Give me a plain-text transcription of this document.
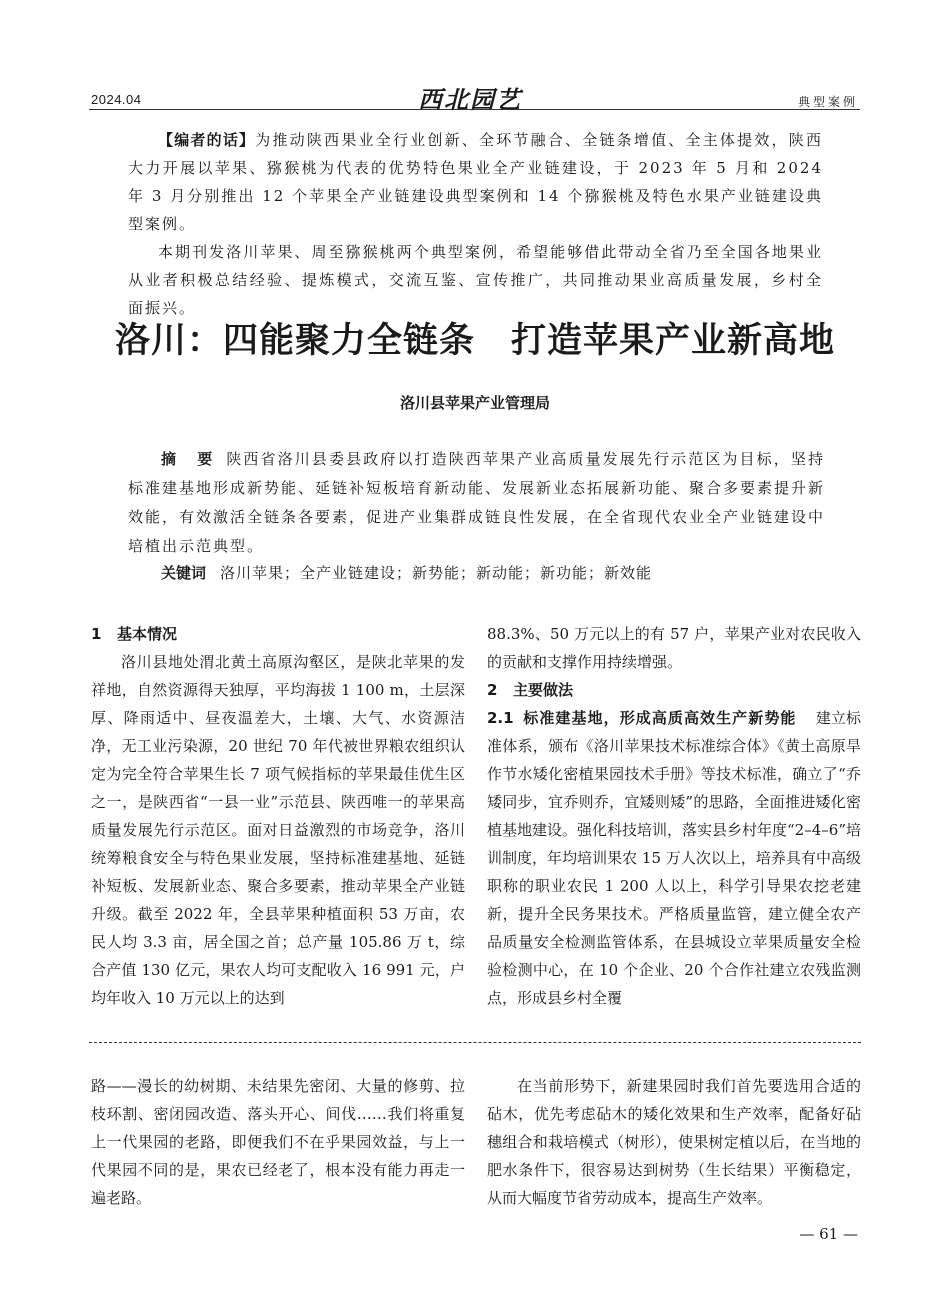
2024.04	西北园艺	典型案例

【编者的话】为推动陕西果业全行业创新、全环节融合、全链条增值、全主体提效，陕西大力开展以苹果、猕猴桃为代表的优势特色果业全产业链建设，于 2023 年 5 月和 2024 年 3 月分别推出 12 个苹果全产业链建设典型案例和 14 个猕猴桃及特色水果产业链建设典型案例。

本期刊发洛川苹果、周至猕猴桃两个典型案例，希望能够借此带动全省乃至全国各地果业从业者积极总结经验、提炼模式，交流互鉴、宣传推广，共同推动果业高质量发展，乡村全面振兴。

洛川：四能聚力全链条 打造苹果产业新高地
洛川县苹果产业管理局
摘 要 陕西省洛川县委县政府以打造陕西苹果产业高质量发展先行示范区为目标，坚持标准建基地形成新势能、延链补短板培育新动能、发展新业态拓展新功能、聚合多要素提升新效能，有效激活全链条各要素，促进产业集群成链良性发展，在全省现代农业全产业链建设中培植出示范典型。
关键词 洛川苹果；全产业链建设；新势能；新动能；新功能；新效能

1 基本情况

洛川县地处渭北黄土高原沟壑区，是陕北苹果的发祥地，自然资源得天独厚，平均海拔 1 100 m，土层深厚、降雨适中、昼夜温差大，土壤、大气、水资源洁净，无工业污染源，20 世纪 70 年代被世界粮农组织认定为完全符合苹果生长 7 项气候指标的苹果最佳优生区之一，是陕西省“一县一业”示范县、陕西唯一的苹果高质量发展先行示范区。面对日益激烈的市场竞争，洛川统筹粮食安全与特色果业发展，坚持标准建基地、延链补短板、发展新业态、聚合多要素，推动苹果全产业链升级。截至 2022 年，全县苹果种植面积 53 万亩，农民人均 3.3 亩，居全国之首；总产量 105.86 万 t，综合产值 130 亿元，果农人均可支配收入 16 991 元，户均年收入 10 万元以上的达到

88.3%、50 万元以上的有 57 户，苹果产业对农民收入的贡献和支撑作用持续增强。

2 主要做法

2.1 标准建基地，形成高质高效生产新势能 建立标准体系，颁布《洛川苹果技术标准综合体》《黄土高原旱作节水矮化密植果园技术手册》等技术标准，确立了“乔矮同步，宜乔则乔，宜矮则矮”的思路，全面推进矮化密植基地建设。强化科技培训，落实县乡村年度“2–4–6”培训制度，年均培训果农 15 万人次以上，培养具有中高级职称的职业农民 1 200 人以上，科学引导果农挖老建新，提升全民务果技术。严格质量监管，建立健全农产品质量安全检测监管体系，在县城设立苹果质量安全检验检测中心，在 10 个企业、20 个合作社建立农残监测点，形成县乡村全覆

路——漫长的幼树期、未结果先密闭、大量的修剪、拉枝环割、密闭园改造、落头开心、间伐……我们将重复上一代果园的老路，即便我们不在乎果园效益，与上一代果园不同的是，果农已经老了，根本没有能力再走一遍老路。

在当前形势下，新建果园时我们首先要选用合适的砧木，优先考虑砧木的矮化效果和生产效率，配备好砧穗组合和栽培模式（树形），使果树定植以后，在当地的肥水条件下，很容易达到树势（生长结果）平衡稳定，从而大幅度节省劳动成本，提高生产效率。

— 61 —
